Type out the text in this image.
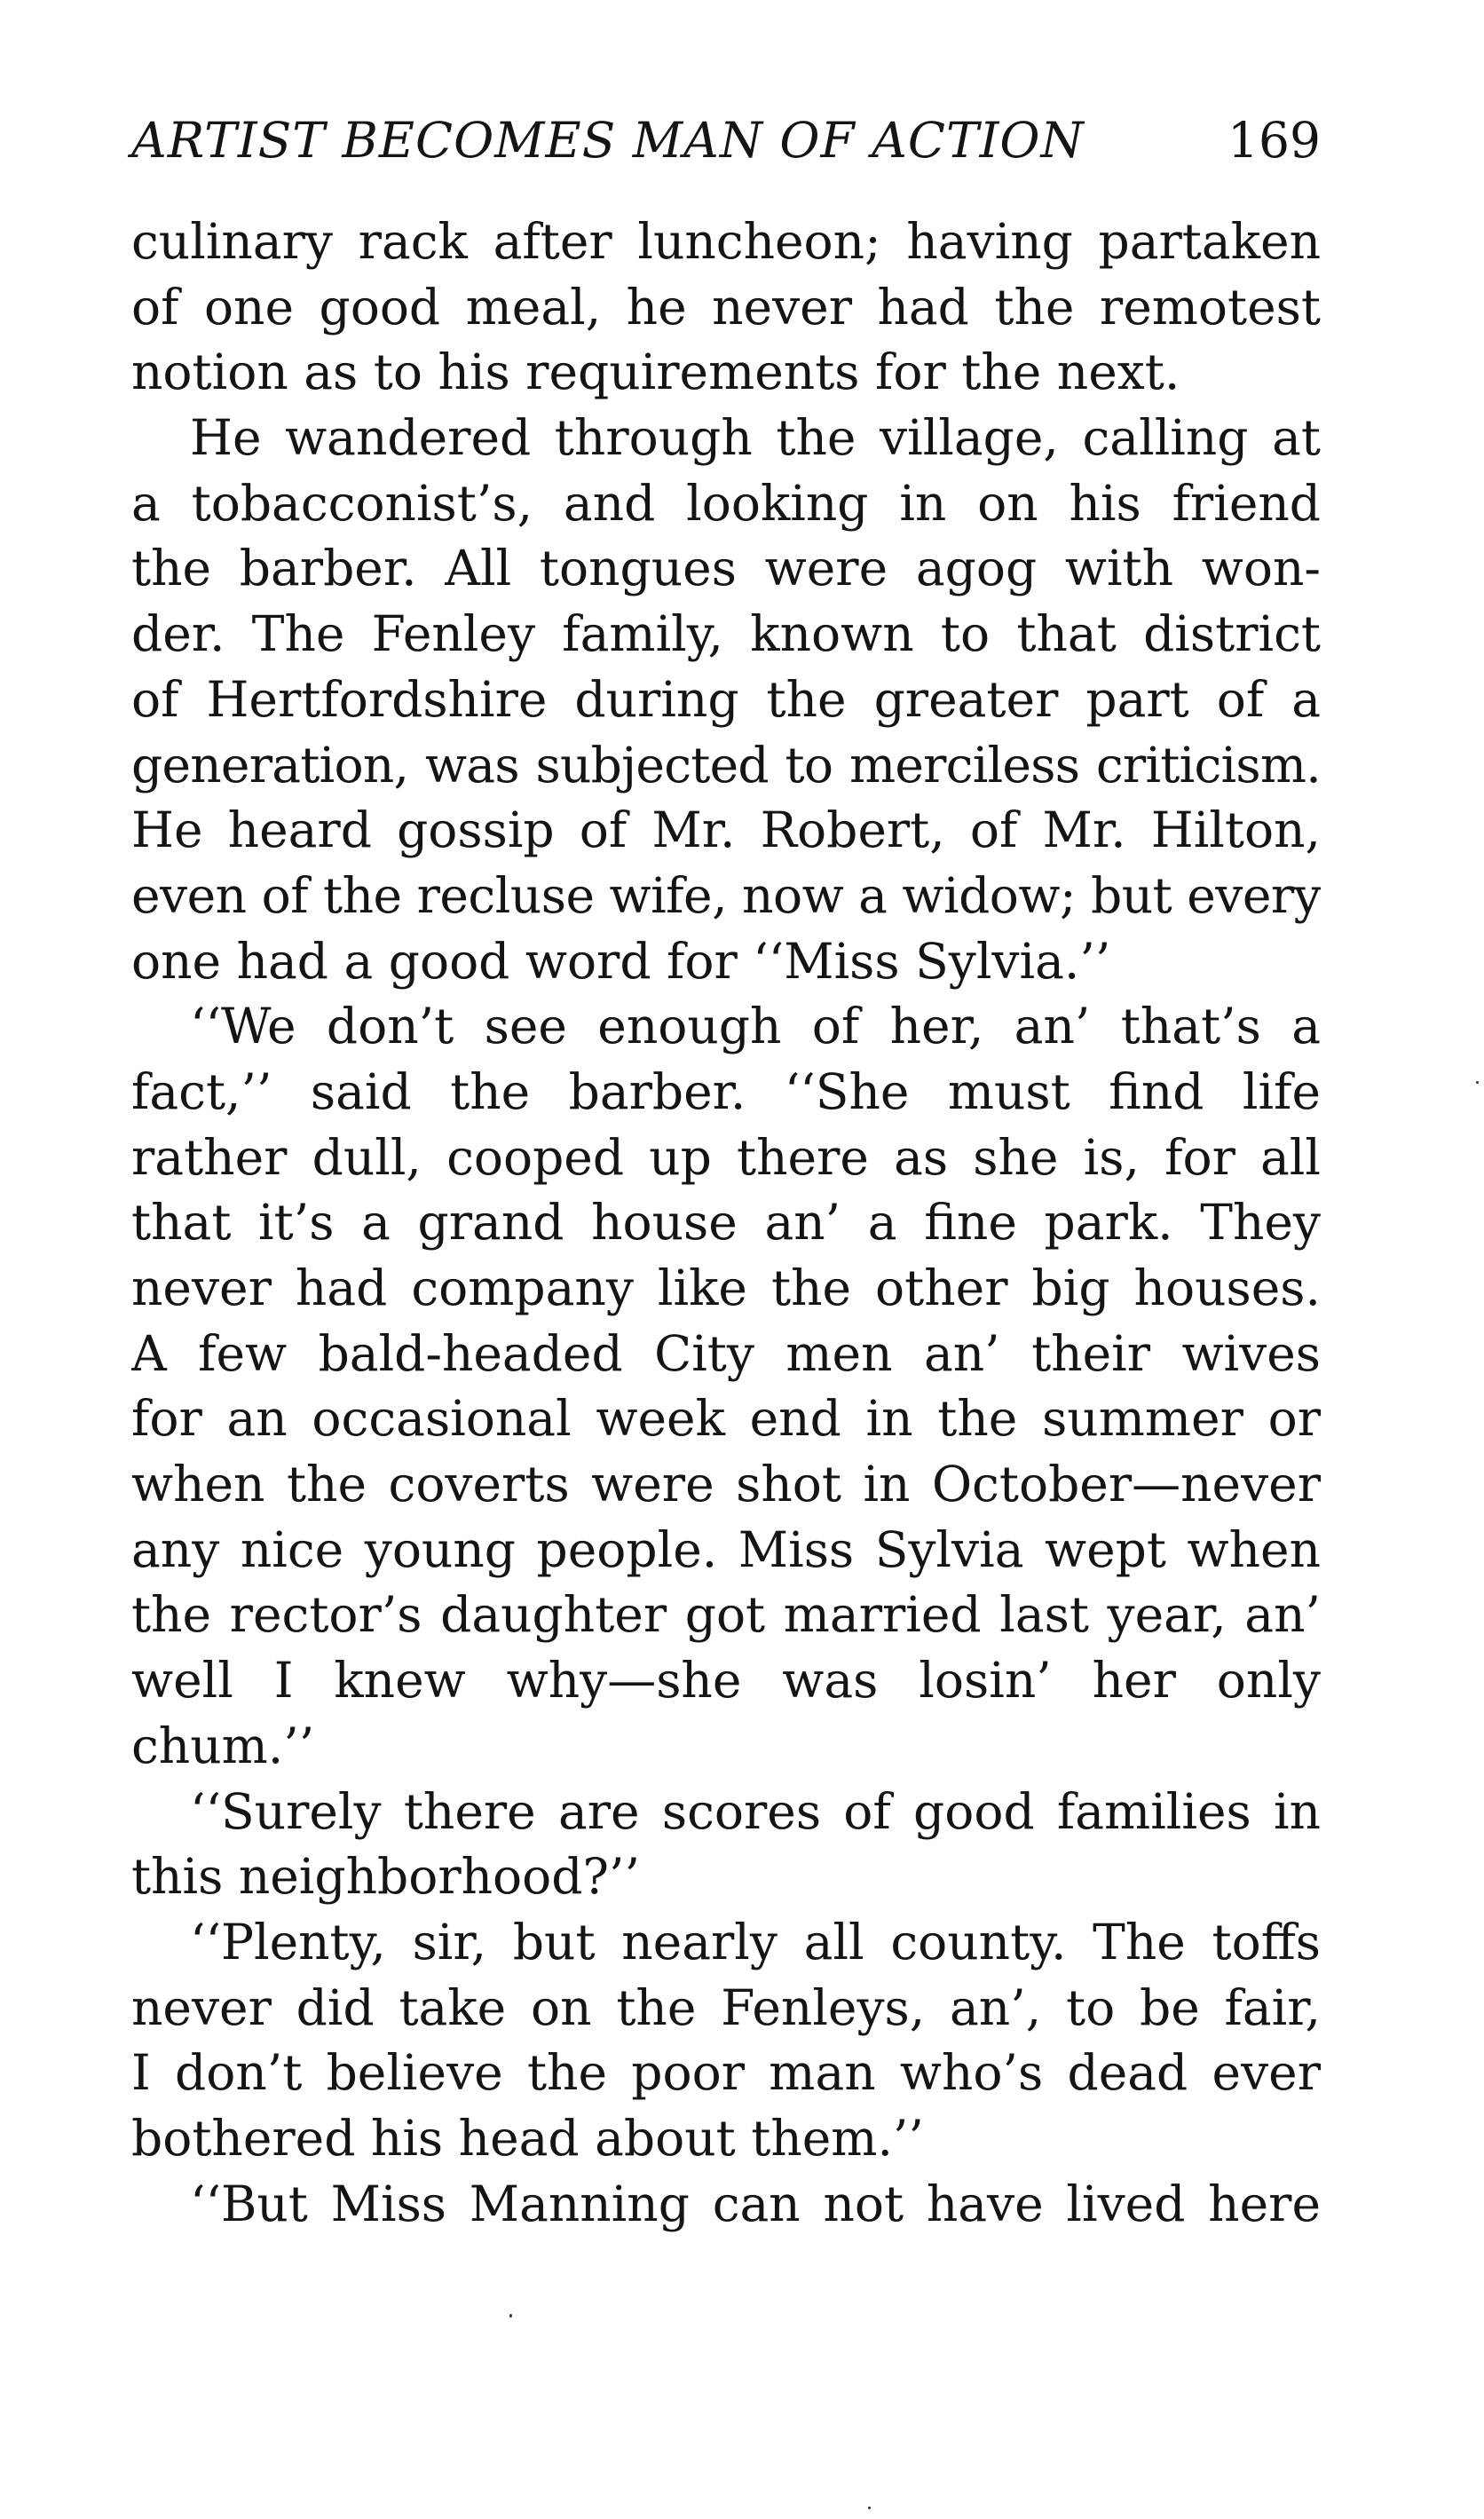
ARTIST BECOMES MAN OF ACTION	169
culinary rack after luncheon; having partaken
of one good meal, he never had the remotest
notion as to his requirements for the next.
He wandered through the village, calling at
a tobacconist’s, and looking in on his friend
the barber. All tongues were agog with won-
der. The Fenley family, known to that district
of Hertfordshire during the greater part of a
generation, was subjected to merciless criticism.
He heard gossip of Mr. Robert, of Mr. Hilton,
even of the recluse wife, now a widow; but every
one had a good word for ‘‘Miss Sylvia.’’
‘‘We don’t see enough of her, an’ that’s a
fact,’’ said the barber. ‘‘She must find life
rather dull, cooped up there as she is, for all
that it’s a grand house an’ a fine park. They
never had company like the other big houses.
A few bald-headed City men an’ their wives
for an occasional week end in the summer or
when the coverts were shot in October—never
any nice young people. Miss Sylvia wept when
the rector’s daughter got married last year, an’
well I knew why—she was losin’ her only
chum.’’
‘‘Surely there are scores of good families in
this neighborhood?’’
‘‘Plenty, sir, but nearly all county. The toffs
never did take on the Fenleys, an’, to be fair,
I don’t believe the poor man who’s dead ever
bothered his head about them.’’
‘‘But Miss Manning can not have lived here
